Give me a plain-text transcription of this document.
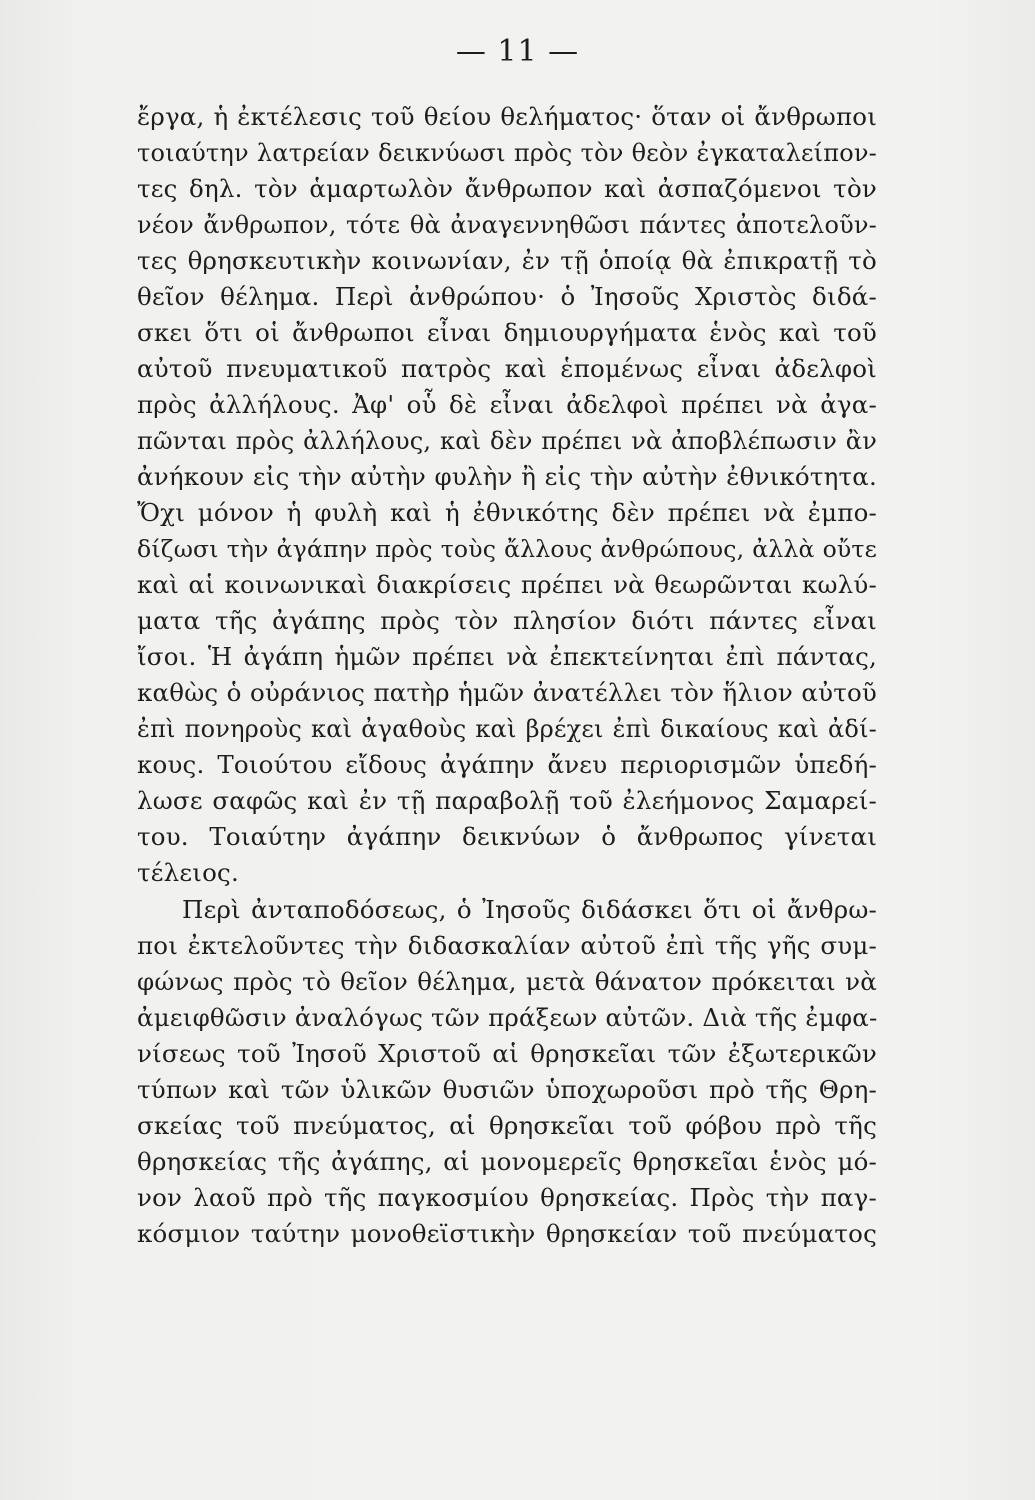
— 11 —
ἔργα, ἡ ἐκτέλεσις τοῦ θείου θελήματος· ὅταν οἱ ἄνθρωποι
τοιαύτην λατρείαν δεικνύωσι πρὸς τὸν θεὸν ἐγκαταλείπον-
τες δηλ. τὸν ἁμαρτωλὸν ἄνθρωπον καὶ ἀσπαζόμενοι τὸν
νέον ἄνθρωπον, τότε θὰ ἀναγεννηθῶσι πάντες ἀποτελοῦν-
τες θρησκευτικὴν κοινωνίαν, ἐν τῇ ὁποίᾳ θὰ ἐπικρατῇ τὸ
θεῖον θέλημα. Περὶ ἀνθρώπου· ὁ Ἰησοῦς Χριστὸς διδά-
σκει ὅτι οἱ ἄνθρωποι εἶναι δημιουργήματα ἑνὸς καὶ τοῦ
αὐτοῦ πνευματικοῦ πατρὸς καὶ ἑπομένως εἶναι ἀδελφοὶ
πρὸς ἀλλήλους. Ἀφ' οὗ δὲ εἶναι ἀδελφοὶ πρέπει νὰ ἀγα-
πῶνται πρὸς ἀλλήλους, καὶ δὲν πρέπει νὰ ἀποβλέπωσιν ἂν
ἀνήκουν εἰς τὴν αὐτὴν φυλὴν ἢ εἰς τὴν αὐτὴν ἐθνικότητα.
Ὄχι μόνον ἡ φυλὴ καὶ ἡ ἐθνικότης δὲν πρέπει νὰ ἐμπο-
δίζωσι τὴν ἀγάπην πρὸς τοὺς ἄλλους ἀνθρώπους, ἀλλὰ οὔτε
καὶ αἱ κοινωνικαὶ διακρίσεις πρέπει νὰ θεωρῶνται κωλύ-
ματα τῆς ἀγάπης πρὸς τὸν πλησίον διότι πάντες εἶναι
ἴσοι. Ἡ ἀγάπη ἡμῶν πρέπει νὰ ἐπεκτείνηται ἐπὶ πάντας,
καθὼς ὁ οὐράνιος πατὴρ ἡμῶν ἀνατέλλει τὸν ἥλιον αὐτοῦ
ἐπὶ πονηροὺς καὶ ἀγαθοὺς καὶ βρέχει ἐπὶ δικαίους καὶ ἀδί-
κους. Τοιούτου εἴδους ἀγάπην ἄνευ περιορισμῶν ὑπεδή-
λωσε σαφῶς καὶ ἐν τῇ παραβολῇ τοῦ ἐλεήμονος Σαμαρεί-
του. Τοιαύτην ἀγάπην δεικνύων ὁ ἄνθρωπος γίνεται
τέλειος.
Περὶ ἀνταποδόσεως, ὁ Ἰησοῦς διδάσκει ὅτι οἱ ἄνθρω-
ποι ἐκτελοῦντες τὴν διδασκαλίαν αὐτοῦ ἐπὶ τῆς γῆς συμ-
φώνως πρὸς τὸ θεῖον θέλημα, μετὰ θάνατον πρόκειται νὰ
ἀμειφθῶσιν ἀναλόγως τῶν πράξεων αὐτῶν. Διὰ τῆς ἐμφα-
νίσεως τοῦ Ἰησοῦ Χριστοῦ αἱ θρησκεῖαι τῶν ἐξωτερικῶν
τύπων καὶ τῶν ὑλικῶν θυσιῶν ὑποχωροῦσι πρὸ τῆς Θρη-
σκείας τοῦ πνεύματος, αἱ θρησκεῖαι τοῦ φόβου πρὸ τῆς
θρησκείας τῆς ἀγάπης, αἱ μονομερεῖς θρησκεῖαι ἑνὸς μό-
νον λαοῦ πρὸ τῆς παγκοσμίου θρησκείας. Πρὸς τὴν παγ-
κόσμιον ταύτην μονοθεϊστικὴν θρησκείαν τοῦ πνεύματος
